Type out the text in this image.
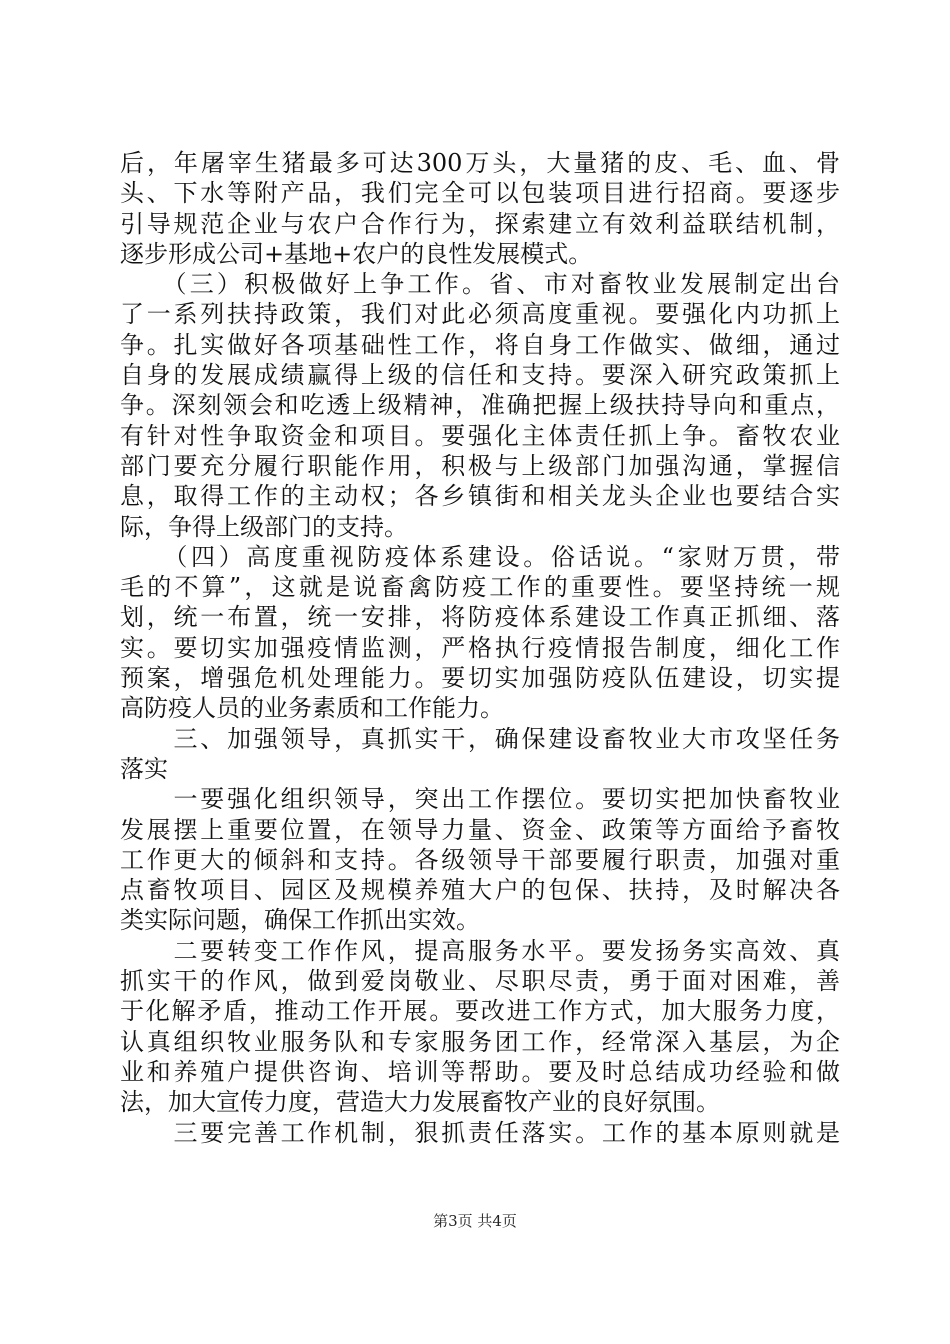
后，年屠宰生猪最多可达300万头，大量猪的皮、毛、血、骨
头、下水等附产品，我们完全可以包装项目进行招商。要逐步
引导规范企业与农户合作行为，探索建立有效利益联结机制，
逐步形成公司+基地+农户的良性发展模式。
　　（三）积极做好上争工作。省、市对畜牧业发展制定出台
了一系列扶持政策，我们对此必须高度重视。要强化内功抓上
争。扎实做好各项基础性工作，将自身工作做实、做细，通过
自身的发展成绩赢得上级的信任和支持。要深入研究政策抓上
争。深刻领会和吃透上级精神，准确把握上级扶持导向和重点，
有针对性争取资金和项目。要强化主体责任抓上争。畜牧农业
部门要充分履行职能作用，积极与上级部门加强沟通，掌握信
息，取得工作的主动权；各乡镇街和相关龙头企业也要结合实
际，争得上级部门的支持。
　　（四）高度重视防疫体系建设。俗话说。“家财万贯，带
毛的不算”，这就是说畜禽防疫工作的重要性。要坚持统一规
划，统一布置，统一安排，将防疫体系建设工作真正抓细、落
实。要切实加强疫情监测，严格执行疫情报告制度，细化工作
预案，增强危机处理能力。要切实加强防疫队伍建设，切实提
高防疫人员的业务素质和工作能力。
　　三、加强领导，真抓实干，确保建设畜牧业大市攻坚任务
落实
　　一要强化组织领导，突出工作摆位。要切实把加快畜牧业
发展摆上重要位置，在领导力量、资金、政策等方面给予畜牧
工作更大的倾斜和支持。各级领导干部要履行职责，加强对重
点畜牧项目、园区及规模养殖大户的包保、扶持，及时解决各
类实际问题，确保工作抓出实效。
　　二要转变工作作风，提高服务水平。要发扬务实高效、真
抓实干的作风，做到爱岗敬业、尽职尽责，勇于面对困难，善
于化解矛盾，推动工作开展。要改进工作方式，加大服务力度，
认真组织牧业服务队和专家服务团工作，经常深入基层，为企
业和养殖户提供咨询、培训等帮助。要及时总结成功经验和做
法，加大宣传力度，营造大力发展畜牧产业的良好氛围。
　　三要完善工作机制，狠抓责任落实。工作的基本原则就是
第3页 共4页
